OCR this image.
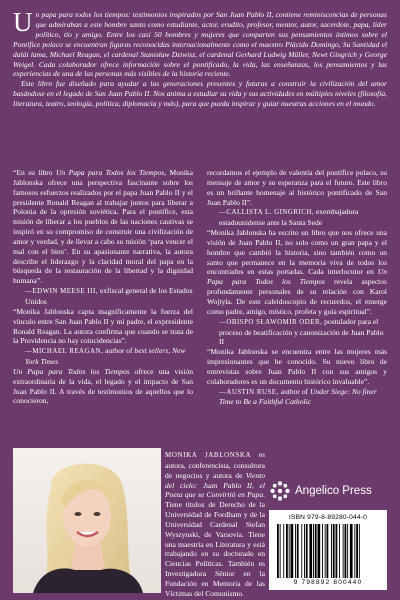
Un papa para todos los tiempos: testimonios inspirados por San Juan Pablo II, contiene reminiscencias de personas que admiraban a este hombre santo como estudiante, actor, erudito, profesor, mentor, autor, sacerdote, papa, líder político, tío y amigo. Entre los casi 50 hombres y mujeres que comparten sus pensamientos íntimos sobre el Pontífice polaco se encuentran figuras reconocidas internacionalmente como el maestro Plácido Domingo, Su Santidad el dalái lama, Michael Reagan, el cardenal Stanisław Dziwisz, el cardenal Gerhard Ludwig Müller, Newt Gingrich y George Weigel. Cada colaborador ofrece información sobre el pontificado, la vida, las enseñanzas, los pensamientos y las experiencias de una de las personas más visibles de la historia reciente.

Este libro fue diseñado para ayudar a las generaciones presentes y futuras a construir la civilización del amor basándose en el legado de San Juan Pablo II. Nos anima a estudiar su vida y sus actividades en múltiples niveles (filosofía, literatura, teatro, teología, política, diplomacia y más), para que pueda inspirar y guiar nuestras acciones en el mundo.

“En su libro Un Papa para Todos los Tiempos, Monika Jablonska ofrece una perspectiva fascinante sobre los famosos esfuerzos realizados por el papa Juan Pablo II y el presidente Ronald Reagan al trabajar juntos para liberar a Polonia de la opresión soviética. Para el pontífice, esta misión de liberar a los pueblos de las naciones cautivas se inspiró en su compromiso de construir una civilización de amor y verdad, y de llevar a cabo su misión ‘para vencer el mal con el bien’. En su apasionante narrativa, la autora describe el liderazgo y la claridad moral del papa en la búsqueda de la restauración de la libertad y la dignidad humana”.

—EDWIN MEESE III, exfiscal general de los Estados Unidos

“Monika Jablonska capta magníficamente la fuerza del vínculo entre San Juan Pablo II y mi padre, el expresidente Ronald Reagan. La autora confirma que cuando se trata de la Providencia no hay coincidencias”.

—MICHAEL REAGAN, author of best sellers, New York Times

Un Papa para Todos los Tiempos ofrece una visión extraordinaria de la vida, el legado y el impacto de San Juan Pablo II. A través de testimonios de aquellos que lo conocieron,

recordamos el ejemplo de valentía del pontífice polaco, su mensaje de amor y su esperanza para el futuro. Este libro es un brillante homenaje al histórico pontificado de San Juan Pablo II”.

—CALLISTA L. GINGRICH, exembajadora estadounidense ante la Santa Sede

“Monika Jablonska ha escrito un libro que nos ofrece una visión de Juan Pablo II, no solo como un gran papa y el hombre que cambió la historia, sino también como un santo que permanece en la memoria viva de todos los encontrados en estas portadas. Cada interlocutor en Un Papa para Todos los Tiempos revela aspectos profundamente personales de su relación con Karol Wojtyła. De este caleidoscopio de recuerdos, el emerge como padre, amigo, místico, profeta y guía espiritual”.

—OBISPO SŁAWOMIR ODER, postulador para el proceso de beatificación y canonización de Juan Pablo II

“Monika Jablonska se encuentra entre las mujeres más impresionantes que he conocido. Su nuevo libro de entrevistas sobre Juan Pablo II con sus amigos y colaboradores es un documento histórico invaluable”.

—AUSTIN RUSE, author of Under Siege: No finer Time to Be a Faithful Catholic

MONIKA JABLONSKA es autora, conferencista, consultora de negocios y autora de Viento del cielo: Juan Pablo II, el Poeta que se Convirtió en Papa. Tiene títulos de Derecho de la Universidad de Fordham y de la Universidad Cardenal Stefan Wyszynski, de Varsovia. Tiene una maestría en Literatura y está trabajando en su doctorado en Ciencias Políticas. También es Investigadora Sénior en la Fundación en Memoria de las Víctimas del Comunismo.
Angelico Press
ISBN 979-8-89280-044-0
9 798892 800440
